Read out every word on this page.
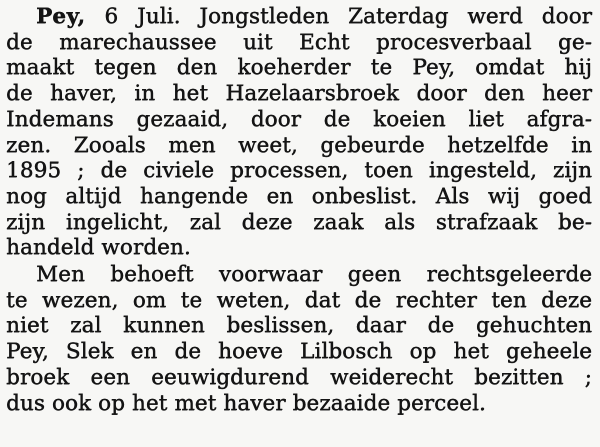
Pey, 6 Juli. Jongstleden Zaterdag werd door
de marechaussee uit Echt procesverbaal ge-
maakt tegen den koeherder te Pey, omdat hij
de haver, in het Hazelaarsbroek door den heer
Indemans gezaaid, door de koeien liet afgra-
zen. Zooals men weet, gebeurde hetzelfde in
1895 ; de civiele processen, toen ingesteld, zijn
nog altijd hangende en onbeslist. Als wij goed
zijn ingelicht, zal deze zaak als strafzaak be-
handeld worden.

Men behoeft voorwaar geen rechtsgeleerde
te wezen, om te weten, dat de rechter ten deze
niet zal kunnen beslissen, daar de gehuchten
Pey, Slek en de hoeve Lilbosch op het geheele
broek een eeuwigdurend weiderecht bezitten ;
dus ook op het met haver bezaaide perceel.
